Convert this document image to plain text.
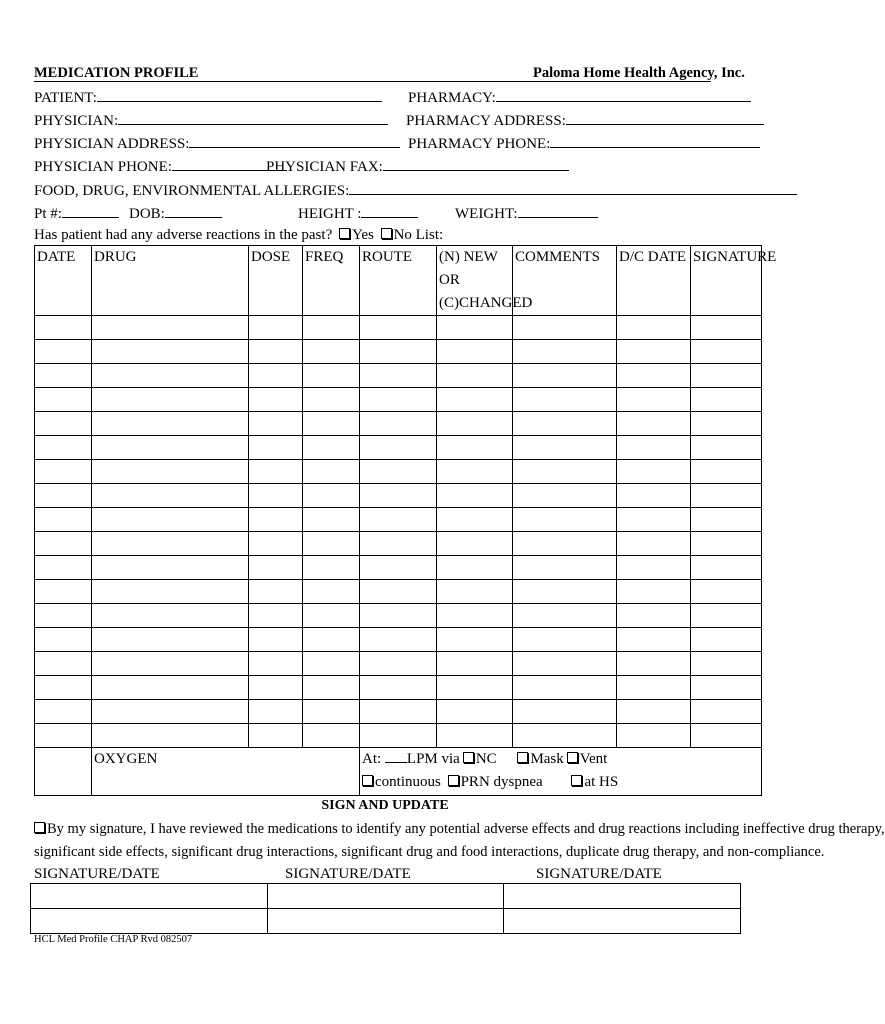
MEDICATION PROFILE	Paloma Home Health Agency, Inc.
PATIENT:	PHARMACY:
PHYSICIAN:	PHARMACY ADDRESS:
PHYSICIAN ADDRESS:	PHARMACY PHONE:
PHYSICIAN PHONE:	PHYSICIAN FAX:
FOOD, DRUG, ENVIRONMENTAL ALLERGIES:
Pt #:	DOB:	HEIGHT :	WEIGHT:
Has patient had any adverse reactions in the past? Yes No List:
DATE	DRUG	DOSE	FREQ	ROUTE	(N) NEW
OR
(C)CHANGED	COMMENTS	D/C DATE	SIGNATURE

	OXYGEN			At: LPM via NC Mask Vent
continuous PRN dyspnea at HS				
SIGN AND UPDATE
By my signature, I have reviewed the medications to identify any potential adverse effects and drug reactions including ineffective drug therapy,
significant side effects, significant drug interactions, significant drug and food interactions, duplicate drug therapy, and non-compliance.
SIGNATURE/DATE	SIGNATURE/DATE	SIGNATURE/DATE

HCL Med Profile CHAP Rvd 082507
